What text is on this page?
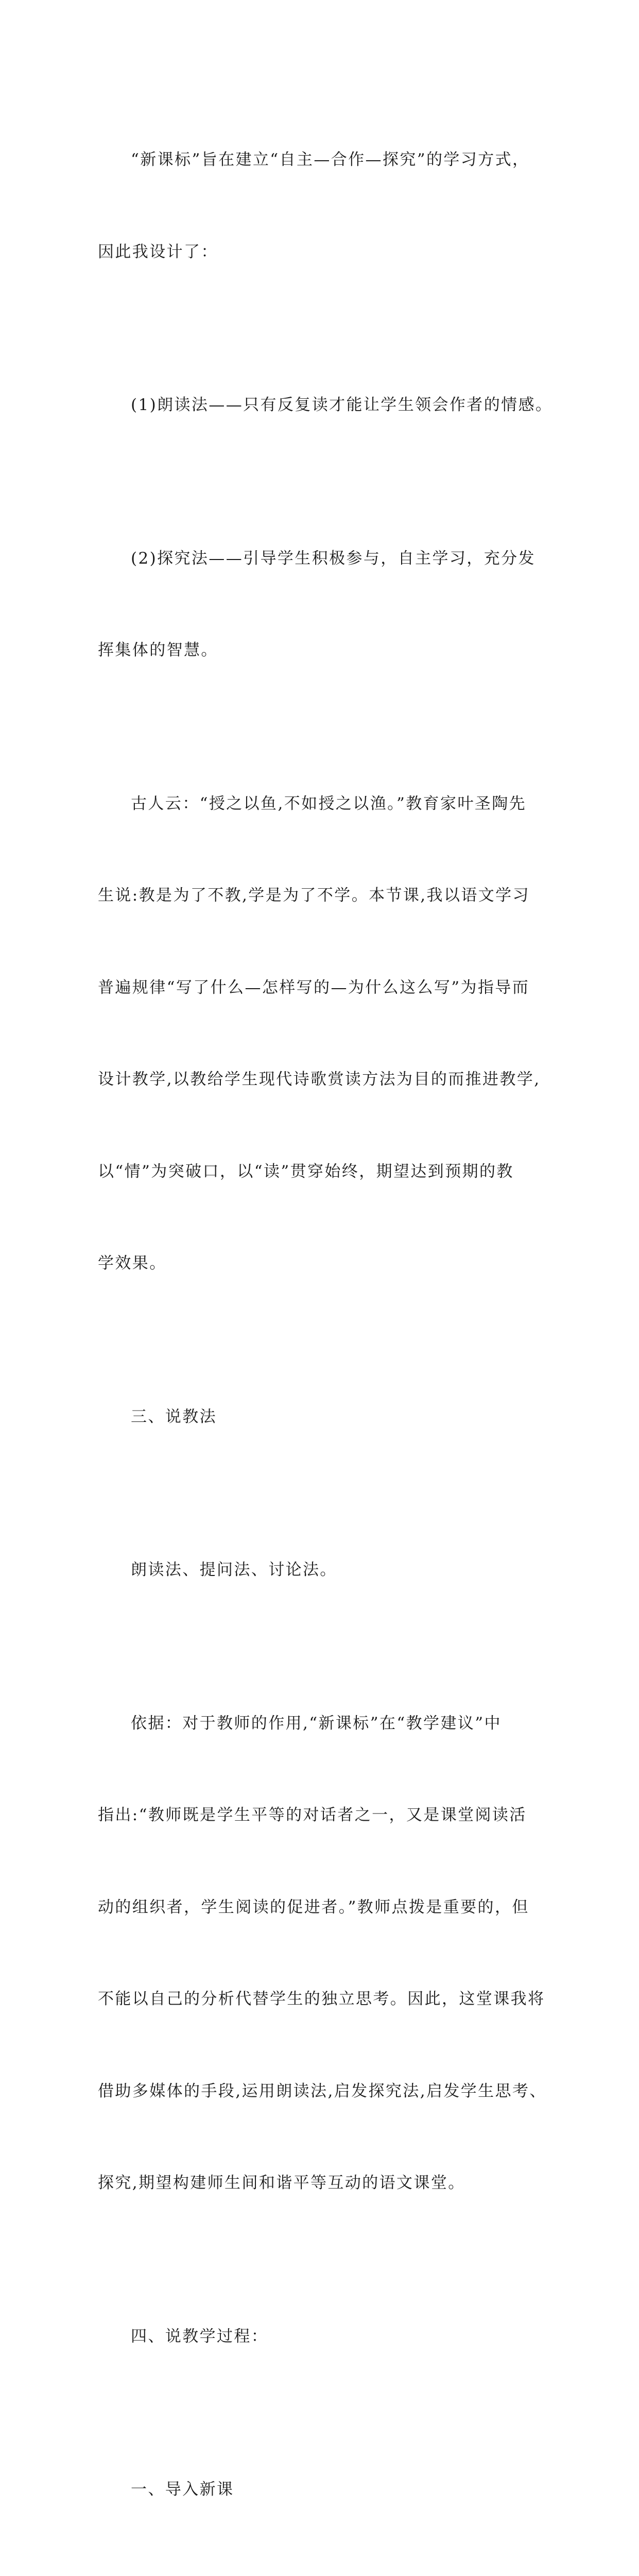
“新课标”旨在建立“自主—合作—探究”的学习方式，

因此我设计了：

(1)朗读法——只有反复读才能让学生领会作者的情感。

(2)探究法——引导学生积极参与，自主学习，充分发

挥集体的智慧。

古人云：“授之以鱼,不如授之以渔。”教育家叶圣陶先

生说:教是为了不教,学是为了不学。本节课,我以语文学习

普遍规律“写了什么—怎样写的—为什么这么写”为指导而

设计教学,以教给学生现代诗歌赏读方法为目的而推进教学,

以“情”为突破口，以“读”贯穿始终，期望达到预期的教

学效果。

三、说教法

朗读法、提问法、讨论法。

依据：对于教师的作用,“新课标”在“教学建议”中

指出:“教师既是学生平等的对话者之一，又是课堂阅读活

动的组织者，学生阅读的促进者。”教师点拨是重要的，但

不能以自己的分析代替学生的独立思考。因此，这堂课我将

借助多媒体的手段,运用朗读法,启发探究法,启发学生思考、

探究,期望构建师生间和谐平等互动的语文课堂。

四、说教学过程：

一、导入新课
